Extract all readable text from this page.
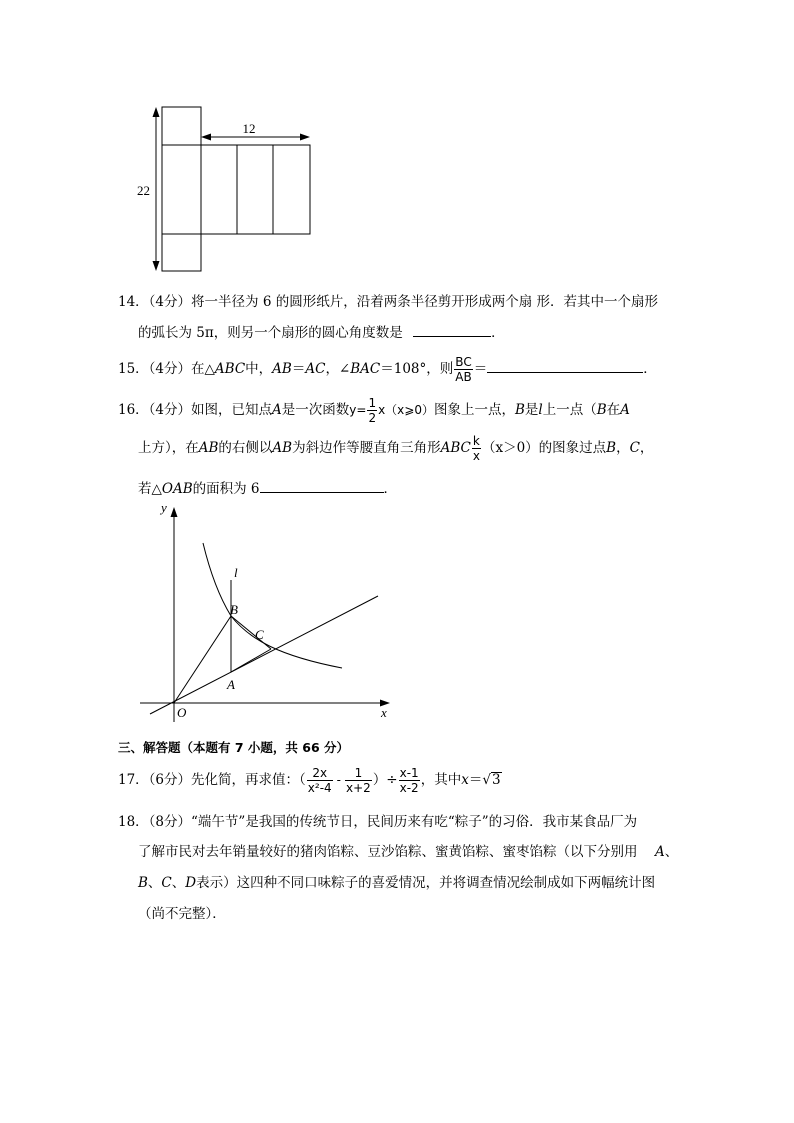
12
22
14．（4分）将一半径为 6 的圆形纸片，沿着两条半径剪开形成两个扇 形．若其中一个扇形
的弧长为 5π，则另一个扇形的圆心角度数是	．
15．（4分）在△ABC中，AB＝AC，∠BAC＝108°，则 $\frac{BC}{AB}$ ＝	．
16．（4分）如图，已知点A是一次函数$y= \frac{1}{2}$ x（x⩾0）图象上一点，B是l上一点（B在A
上方），在AB的右侧以AB为斜边作等腰直角三角形ABC $\frac{k}{x} (x>0)$的图象过点B，C，
若△OAB的面积为 6	．
y
x
O
l
B
C
A
三、解答题（本题有 7 小题，共 66 分）
17．（6分）先化简，再求值：（ $\frac{2x}{\text{x²-4}} - \frac{1}{x+2}$ ）÷ $\frac{x-1}{x-2}$ ，其中x＝√3
18．（8分）“端午节”是我国的传统节日，民间历来有吃“粽子”的习俗．我市某食品厂为
了解市民对去年销量较好的猪肉馅粽、豆沙馅粽、蜜黄馅粽、蜜枣馅粽（以下分别用
B、C、D表示）这四种不同口味粽子的喜爱情况，并将调查情况绘制成如下两幅统计图
（尚不完整）．
A、
